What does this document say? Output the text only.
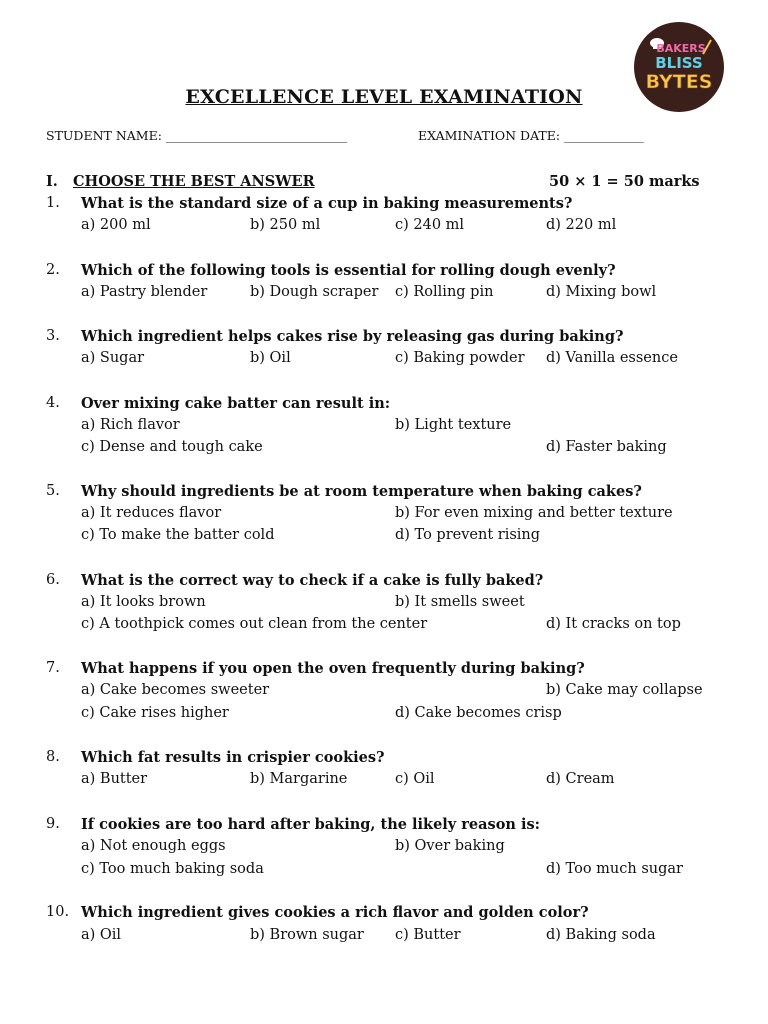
BAKERS
BLISS
BYTES
EXCELLENCE LEVEL EXAMINATION
STUDENT NAME: ________________________________	EXAMINATION DATE: ______________
I. CHOOSE THE BEST ANSWER	50 × 1 = 50 marks
1. What is the standard size of a cup in baking measurements?
a) 200 ml	b) 250 ml	c) 240 ml	d) 220 ml
2. Which of the following tools is essential for rolling dough evenly?
a) Pastry blender	b) Dough scraper c) Rolling pin	d) Mixing bowl
3. Which ingredient helps cakes rise by releasing gas during baking?
a) Sugar	b) Oil	c) Baking powder d) Vanilla essence
4. Over mixing cake batter can result in:
a) Rich flavor	b) Light texture
c) Dense and tough cake	d) Faster baking
5. Why should ingredients be at room temperature when baking cakes?
a) It reduces flavor	b) For even mixing and better texture
c) To make the batter cold	d) To prevent rising
6. What is the correct way to check if a cake is fully baked?
a) It looks brown	b) It smells sweet
c) A toothpick comes out clean from the center	d) It cracks on top
7. What happens if you open the oven frequently during baking?
a) Cake becomes sweeter	b) Cake may collapse
c) Cake rises higher	d) Cake becomes crisp
8. Which fat results in crispier cookies?
a) Butter	b) Margarine	c) Oil	d) Cream
9. If cookies are too hard after baking, the likely reason is:
a) Not enough eggs	b) Over baking
c) Too much baking soda	d) Too much sugar
10. Which ingredient gives cookies a rich flavor and golden color?
a) Oil	b) Brown sugar c) Butter	d) Baking soda
